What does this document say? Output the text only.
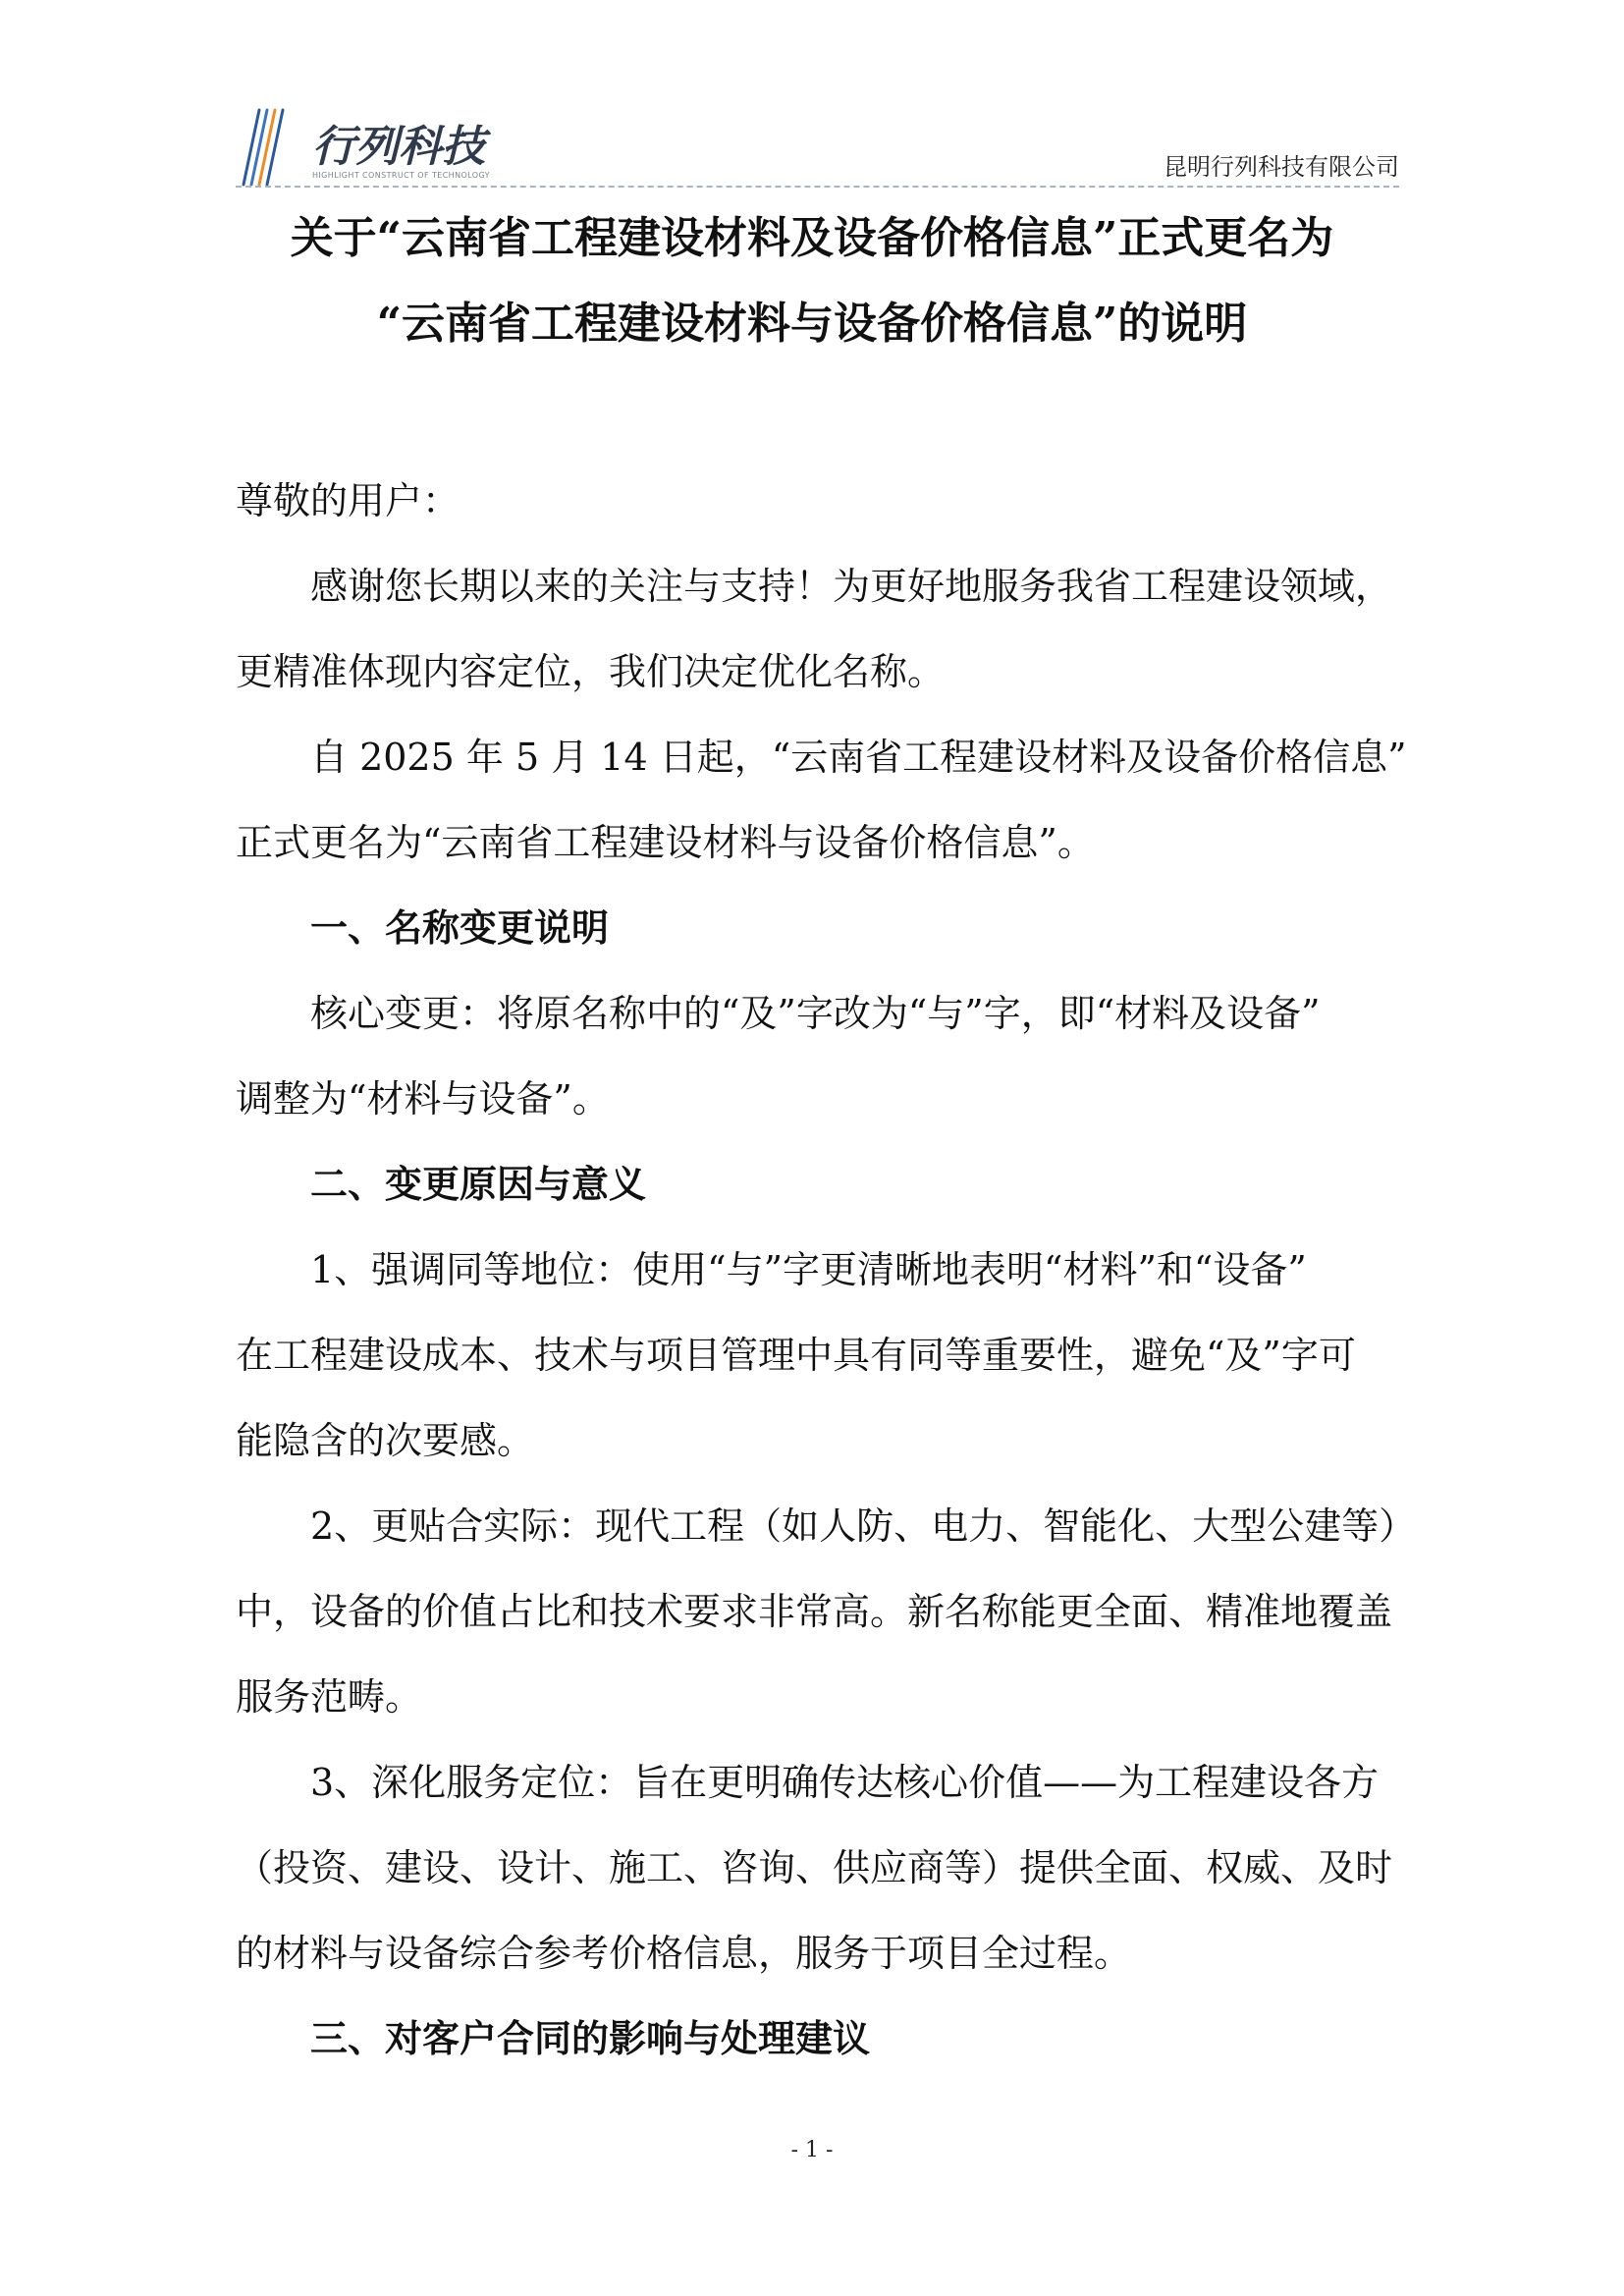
行列科技
HIGHLIGHT CONSTRUCT OF TECHNOLOGY	昆明行列科技有限公司
关于“云南省工程建设材料及设备价格信息”正式更名为
“云南省工程建设材料与设备价格信息”的说明
尊敬的用户：
感谢您长期以来的关注与支持！为更好地服务我省工程建设领域，
更精准体现内容定位，我们决定优化名称。
自 2025 年 5 月 14 日起，“云南省工程建设材料及设备价格信息”
正式更名为“云南省工程建设材料与设备价格信息”。
一、名称变更说明
核心变更：将原名称中的“及”字改为“与”字，即“材料及设备”
调整为“材料与设备”。
二、变更原因与意义
1、强调同等地位：使用“与”字更清晰地表明“材料”和“设备”
在工程建设成本、技术与项目管理中具有同等重要性，避免“及”字可
能隐含的次要感。
2、更贴合实际：现代工程（如人防、电力、智能化、大型公建等）
中，设备的价值占比和技术要求非常高。新名称能更全面、精准地覆盖
服务范畴。
3、深化服务定位：旨在更明确传达核心价值——为工程建设各方
（投资、建设、设计、施工、咨询、供应商等）提供全面、权威、及时
的材料与设备综合参考价格信息，服务于项目全过程。
三、对客户合同的影响与处理建议
- 1 -
